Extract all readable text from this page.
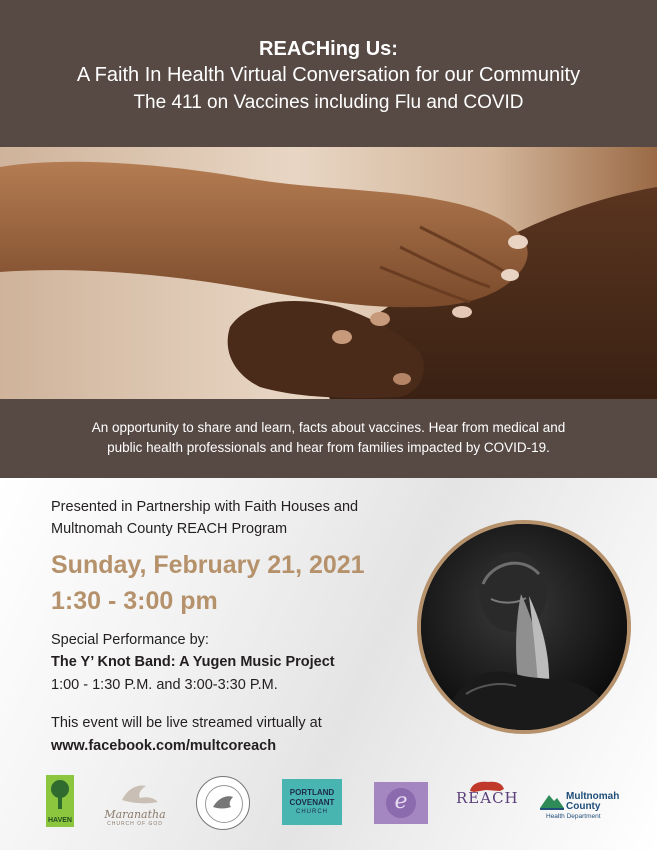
REACHing Us:
A Faith In Health Virtual Conversation for our Community
The 411 on Vaccines including Flu and COVID
An opportunity to share and learn, facts about vaccines. Hear from medical and
public health professionals and hear from families impacted by COVID-19.
Presented in Partnership with Faith Houses and
Multnomah County REACH Program
Sunday, February 21, 2021
1:30 - 3:00 pm
Special Performance by:
The Y’ Knot Band: A Yugen Music Project
1:00 - 1:30 P.M. and 3:00-3:30 P.M.
This event will be live streamed virtually at
www.facebook.com/multcoreach
HAVEN	Maranatha
CHURCH OF GOD
PORTLAND
COVENANT
CHURCH	e	REACH	Multnomah
County
Health Department
